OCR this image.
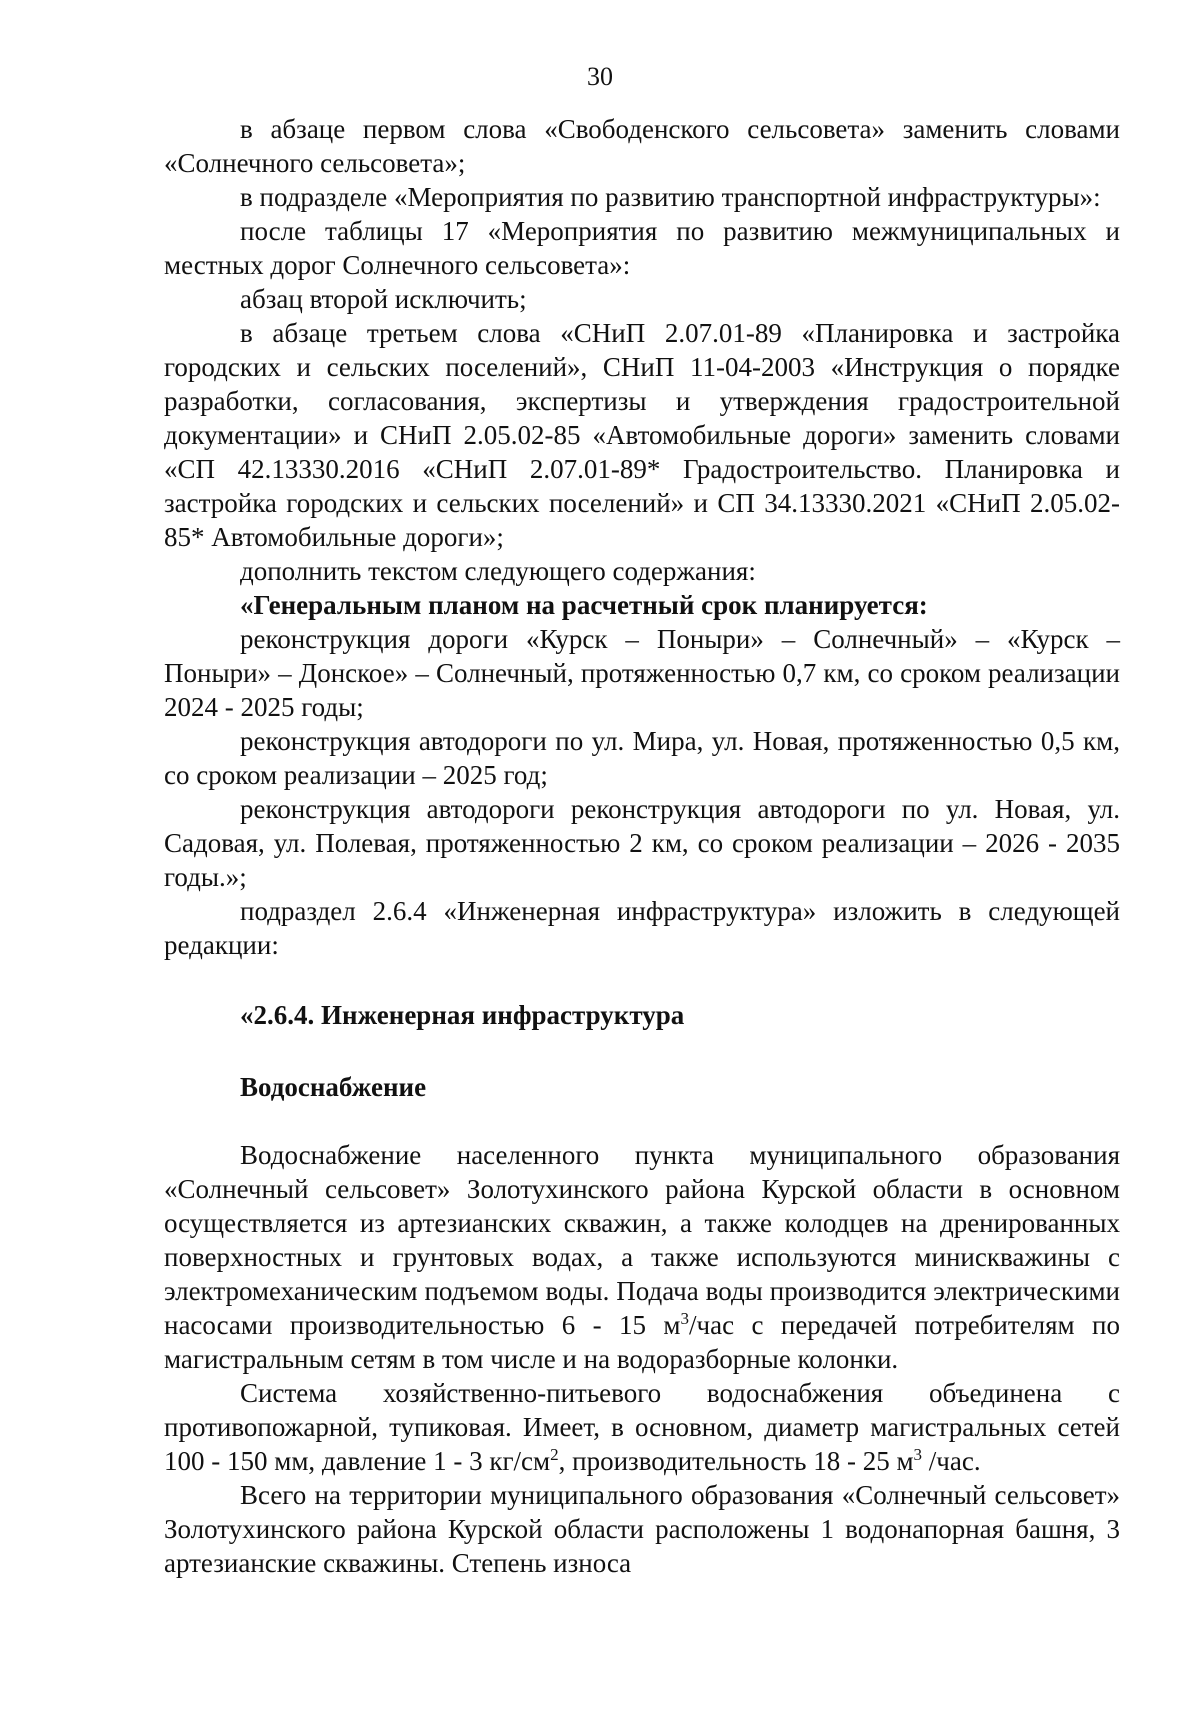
30

в абзаце первом слова «Свободенского сельсовета» заменить словами «Солнечного сельсовета»;

в подразделе «Мероприятия по развитию транспортной инфраструктуры»:

после таблицы 17 «Мероприятия по развитию межмуниципальных и местных дорог Солнечного сельсовета»:

абзац второй исключить;

в абзаце третьем слова «СНиП 2.07.01-89 «Планировка и застройка городских и сельских поселений», СНиП 11-04-2003 «Инструкция о порядке разработки, согласования, экспертизы и утверждения градостроительной документации» и СНиП 2.05.02-85 «Автомобильные дороги» заменить словами «СП 42.13330.2016 «СНиП 2.07.01-89* Градостроительство. Планировка и застройка городских и сельских поселений» и СП 34.13330.2021 «СНиП 2.05.02-85* Автомобильные дороги»;

дополнить текстом следующего содержания:

«Генеральным планом на расчетный срок планируется:

реконструкция дороги «Курск – Поныри» – Солнечный» – «Курск – Поныри» – Донское» – Солнечный, протяженностью 0,7 км, со сроком реализации 2024 - 2025 годы;

реконструкция автодороги по ул. Мира, ул. Новая, протяженностью 0,5 км, со сроком реализации – 2025 год;

реконструкция автодороги реконструкция автодороги по ул. Новая, ул. Садовая, ул. Полевая, протяженностью 2 км, со сроком реализации – 2026 - 2035 годы.»;

подраздел 2.6.4 «Инженерная инфраструктура» изложить в следующей редакции:

«2.6.4. Инженерная инфраструктура
Водоснабжение

Водоснабжение населенного пункта муниципального образования «Солнечный сельсовет» Золотухинского района Курской области в основном осуществляется из артезианских скважин, а также колодцев на дренированных поверхностных и грунтовых водах, а также используются минискважины с электромеханическим подъемом воды. Подача воды производится электрическими насосами производительностью 6 - 15 $м^3$/час с передачей потребителям по магистральным сетям в том числе и на водоразборные колонки.

Система хозяйственно-питьевого водоснабжения объединена с противопожарной, тупиковая. Имеет, в основном, диаметр магистральных сетей 100 - 150 мм, давление 1 - 3 $кг/см^2$, производительность 18 - 25 $м^3$ /час.

Всего на территории муниципального образования «Солнечный сельсовет» Золотухинского района Курской области расположены 1 водонапорная башня, 3 артезианские скважины. Степень износа
